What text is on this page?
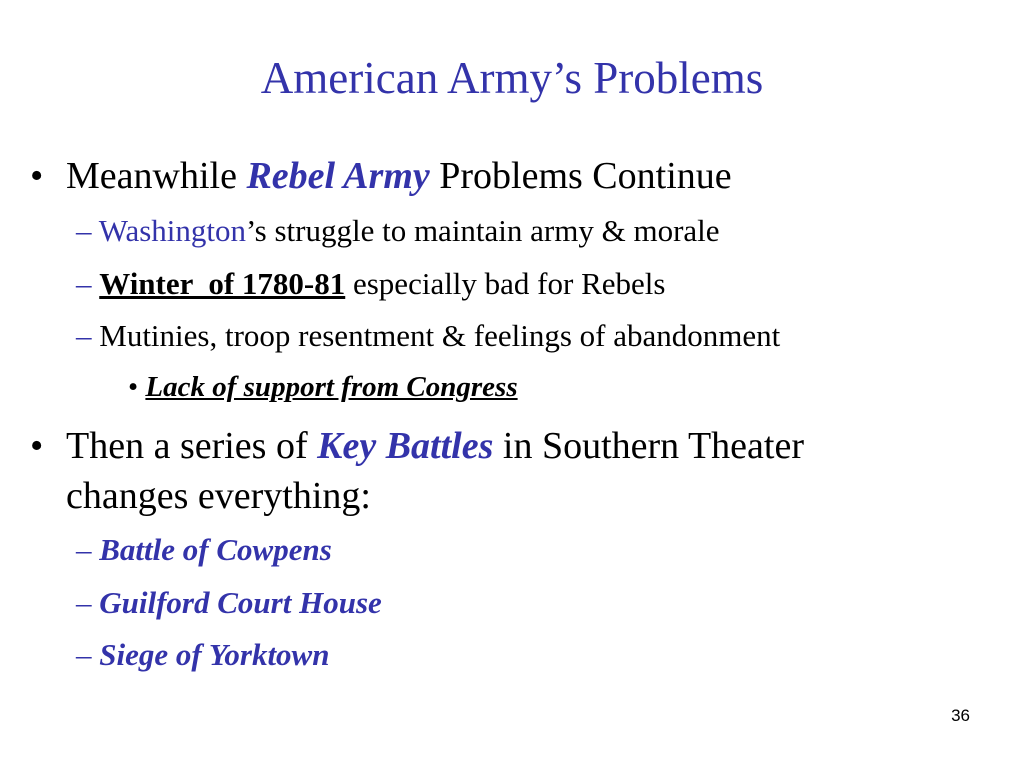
American Army’s Problems
• Meanwhile Rebel Army Problems Continue
– Washington’s struggle to maintain army & morale
– Winter  of 1780-81 especially bad for Rebels
– Mutinies, troop resentment & feelings of abandonment
• Lack of support from Congress
• Then a series of Key Battles in Southern Theater
changes everything:
– Battle of Cowpens
– Guilford Court House
– Siege of Yorktown
36
